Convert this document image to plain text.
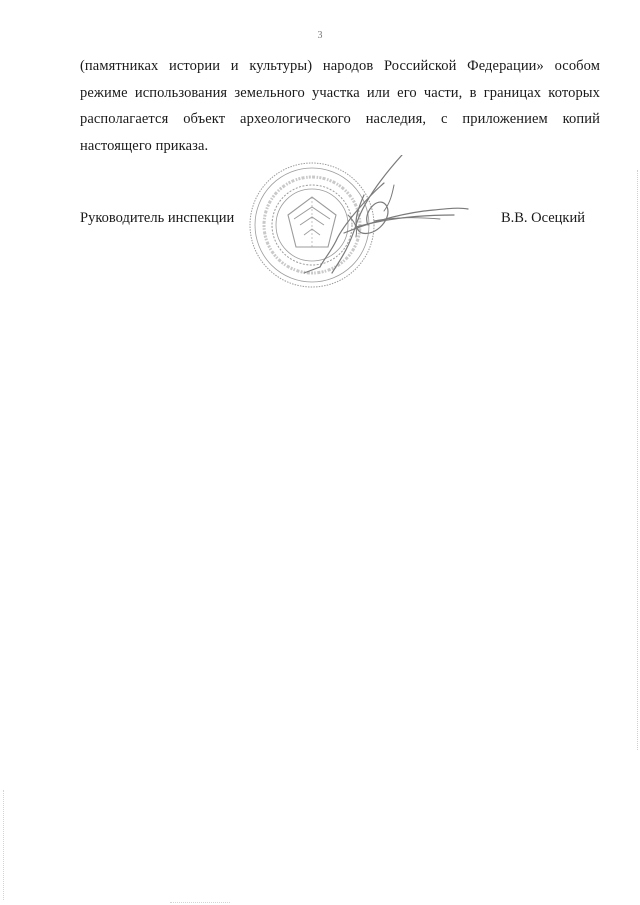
3
(памятниках истории и культуры) народов Российской Федерации» особом
режиме использования земельного участка или его части, в границах которых
располагается объект археологического наследия, с приложением копий
настоящего приказа.
Руководитель инспекции	В.В. Осецкий
